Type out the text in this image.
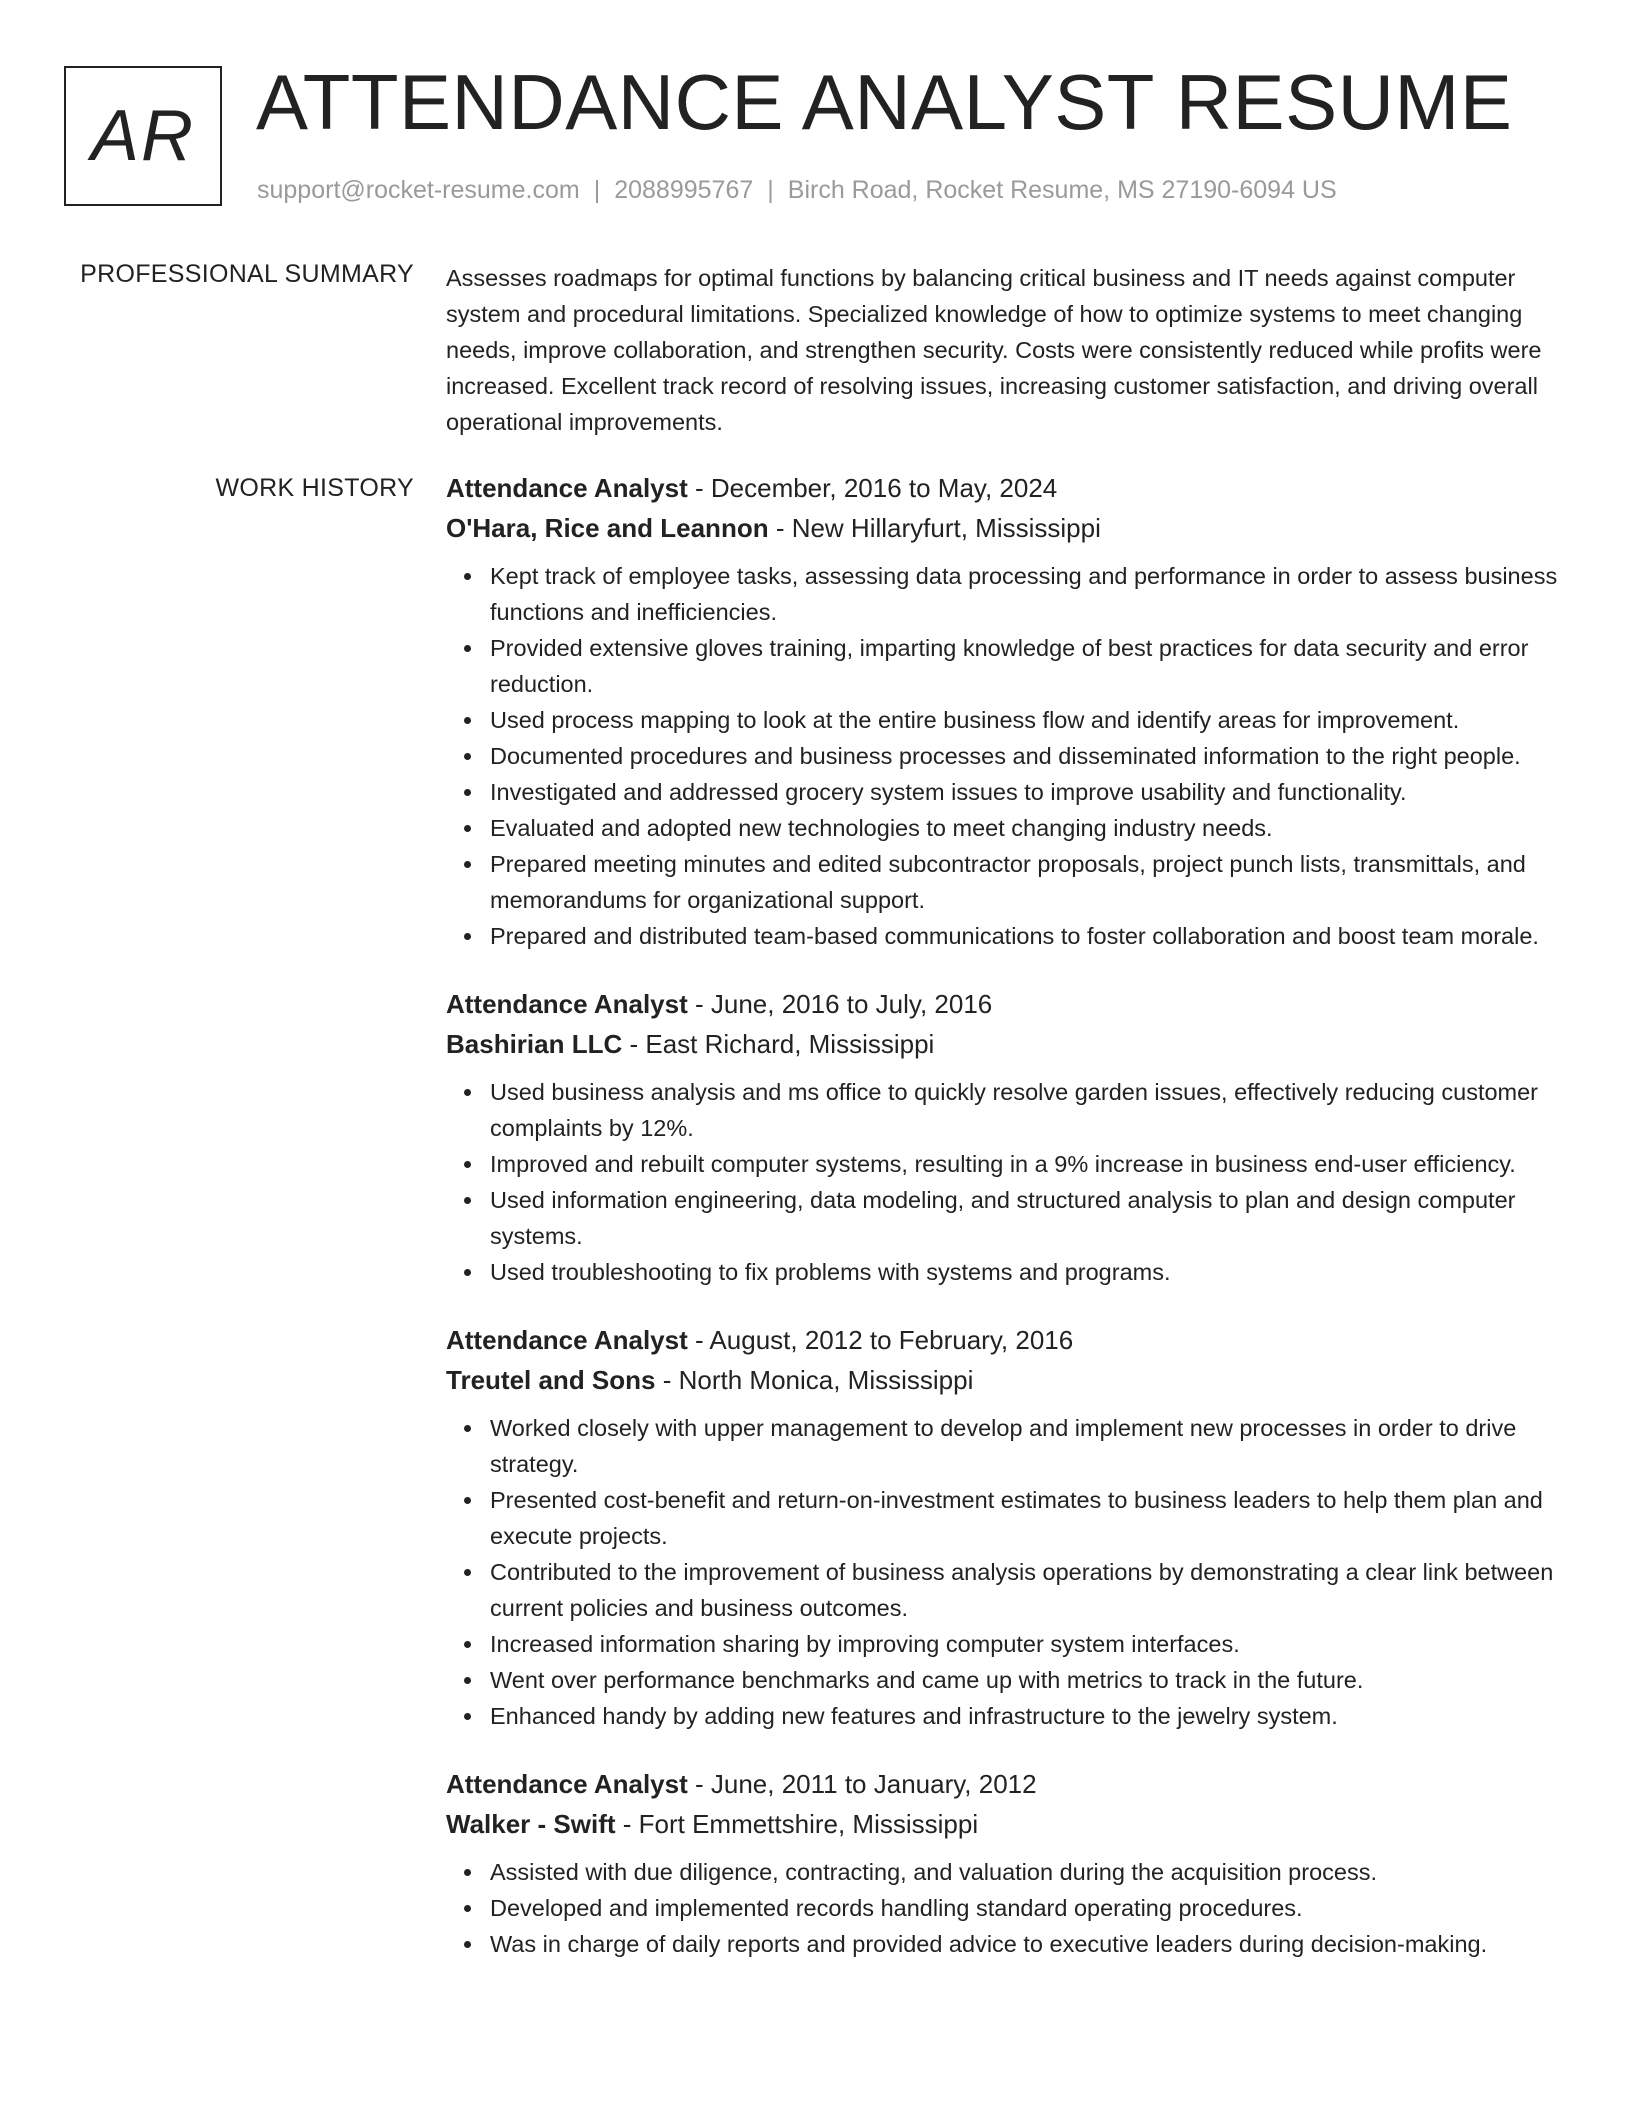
AR ATTENDANCE ANALYST RESUME
support@rocket-resume.com | 2088995767 | Birch Road, Rocket Resume, MS 27190-6094 US
PROFESSIONAL SUMMARY Assesses roadmaps for optimal functions by balancing critical business and IT needs against computer system and procedural limitations. Specialized knowledge of how to optimize systems to meet changing needs, improve collaboration, and strengthen security. Costs were consistently reduced while profits were increased. Excellent track record of resolving issues, increasing customer satisfaction, and driving overall operational improvements.

WORK HISTORY Attendance Analyst - December, 2016 to May, 2024
O'Hara, Rice and Leannon - New Hillaryfurt, Mississippi
Kept track of employee tasks, assessing data processing and performance in order to assess business functions and inefficiencies.
Provided extensive gloves training, imparting knowledge of best practices for data security and error reduction.
Used process mapping to look at the entire business flow and identify areas for improvement.
Documented procedures and business processes and disseminated information to the right people.
Investigated and addressed grocery system issues to improve usability and functionality.
Evaluated and adopted new technologies to meet changing industry needs.
Prepared meeting minutes and edited subcontractor proposals, project punch lists, transmittals, and memorandums for organizational support.
Prepared and distributed team-based communications to foster collaboration and boost team morale.
Attendance Analyst - June, 2016 to July, 2016
Bashirian LLC - East Richard, Mississippi
Used business analysis and ms office to quickly resolve garden issues, effectively reducing customer complaints by 12%.
Improved and rebuilt computer systems, resulting in a 9% increase in business end-user efficiency.
Used information engineering, data modeling, and structured analysis to plan and design computer systems.
Used troubleshooting to fix problems with systems and programs.
Attendance Analyst - August, 2012 to February, 2016
Treutel and Sons - North Monica, Mississippi
Worked closely with upper management to develop and implement new processes in order to drive strategy.
Presented cost-benefit and return-on-investment estimates to business leaders to help them plan and execute projects.
Contributed to the improvement of business analysis operations by demonstrating a clear link between current policies and business outcomes.
Increased information sharing by improving computer system interfaces.
Went over performance benchmarks and came up with metrics to track in the future.
Enhanced handy by adding new features and infrastructure to the jewelry system.
Attendance Analyst - June, 2011 to January, 2012
Walker - Swift - Fort Emmettshire, Mississippi
Assisted with due diligence, contracting, and valuation during the acquisition process.
Developed and implemented records handling standard operating procedures.
Was in charge of daily reports and provided advice to executive leaders during decision-making.
